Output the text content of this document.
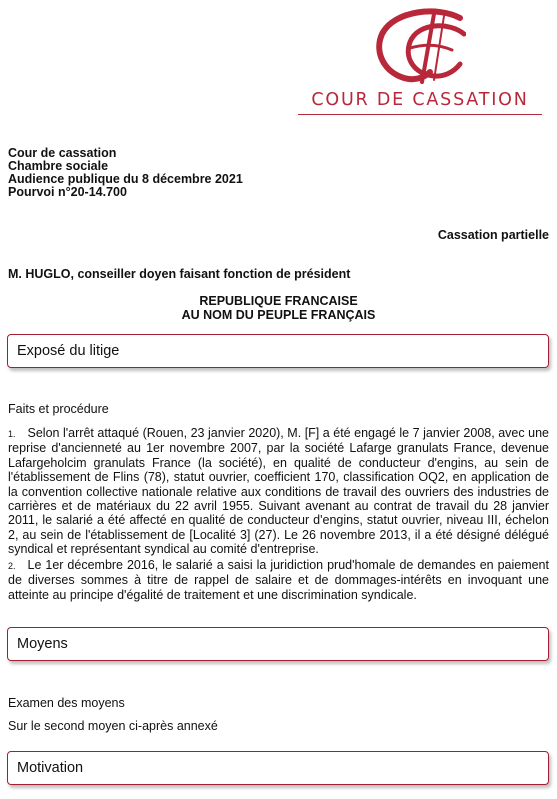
COUR DE CASSATION
Cour de cassation
Chambre sociale
Audience publique du 8 décembre 2021
Pourvoi n°20-14.700
Cassation partielle
M. HUGLO, conseiller doyen faisant fonction de président
REPUBLIQUE FRANCAISE
AU NOM DU PEUPLE FRANÇAIS
Exposé du litige
Faits et procédure
1. Selon l'arrêt attaqué (Rouen, 23 janvier 2020), M. [F] a été engagé le 7 janvier 2008, avec une reprise d'ancienneté au 1er novembre 2007, par la société Lafarge granulats France, devenue Lafargeholcim granulats France (la société), en qualité de conducteur d'engins, au sein de l'établissement de Flins (78), statut ouvrier, coefficient 170, classification OQ2, en application de la convention collective nationale relative aux conditions de travail des ouvriers des industries de carrières et de matériaux du 22 avril 1955. Suivant avenant au contrat de travail du 28 janvier 2011, le salarié a été affecté en qualité de conducteur d'engins, statut ouvrier, niveau III, échelon 2, au sein de l'établissement de [Localité 3] (27). Le 26 novembre 2013, il a été désigné délégué syndical et représentant syndical au comité d'entreprise.
2. Le 1er décembre 2016, le salarié a saisi la juridiction prud'homale de demandes en paiement de diverses sommes à titre de rappel de salaire et de dommages-intérêts en invoquant une atteinte au principe d'égalité de traitement et une discrimination syndicale.
Moyens
Examen des moyens
Sur le second moyen ci-après annexé
Motivation
